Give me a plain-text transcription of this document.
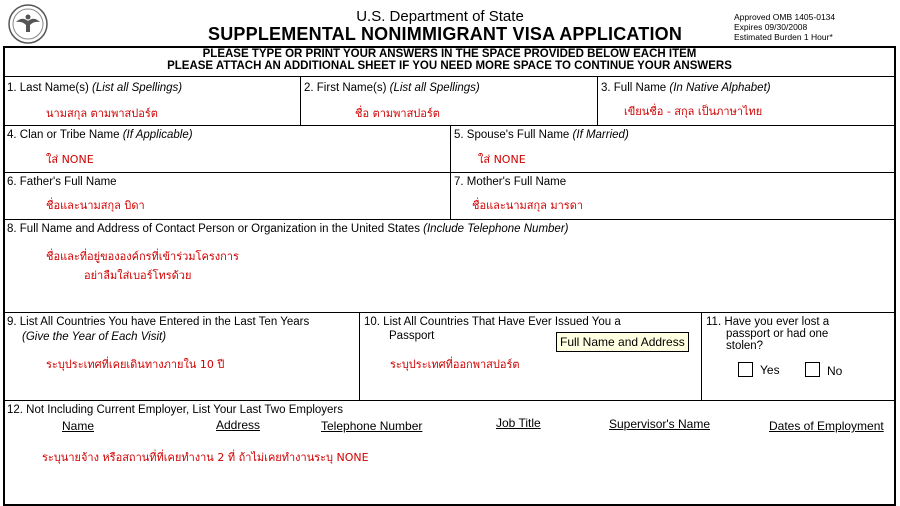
U.S. Department of State
SUPPLEMENTAL NONIMMIGRANT VISA APPLICATION
Approved OMB 1405-0134
Expires 09/30/2008
Estimated Burden 1 Hour*
PLEASE TYPE OR PRINT YOUR ANSWERS IN THE SPACE PROVIDED BELOW EACH ITEM
PLEASE ATTACH AN ADDITIONAL SHEET IF YOU NEED MORE SPACE TO CONTINUE YOUR ANSWERS
1. Last Name(s) (List all Spellings)
นามสกุล ตามพาสปอร์ต
2. First Name(s) (List all Spellings)
ชื่อ ตามพาสปอร์ต
3. Full Name (In Native Alphabet)
เขียนชื่อ - สกุล เป็นภาษาไทย
4. Clan or Tribe Name (If Applicable)
ใส่ NONE
5. Spouse's Full Name (If Married)
ใส่ NONE
6. Father's Full Name
ชื่อและนามสกุล บิดา
7. Mother's Full Name
ชื่อและนามสกุล มารดา
8. Full Name and Address of Contact Person or Organization in the United States (Include Telephone Number)
ชื่อและที่อยู่ขององค์กรที่เข้าร่วมโครงการ
อย่าลืมใส่เบอร์โทรด้วย
9. List All Countries You have Entered in the Last Ten Years
(Give the Year of Each Visit)
ระบุประเทศที่เคยเดินทางภายใน 10 ปี
10. List All Countries That Have Ever Issued You a
Passport
ระบุประเทศที่ออกพาสปอร์ต
Full Name and Address
11. Have you ever lost a
passport or had one
stolen?
Yes	No
12. Not Including Current Employer, List Your Last Two Employers
Name	Address	Telephone Number	Job Title	Supervisor's Name	Dates of Employment
ระบุนายจ้าง หรือสถานที่ที่เคยทำงาน 2 ที่ ถ้าไม่เคยทำงานระบุ NONE
